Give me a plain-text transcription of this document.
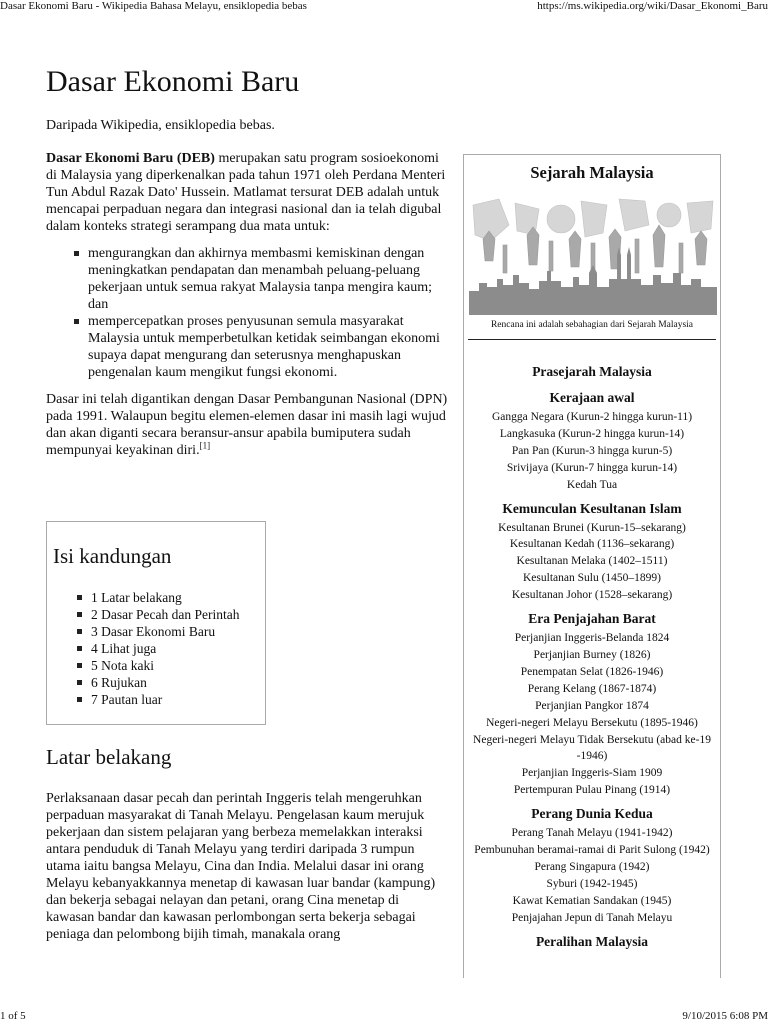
Dasar Ekonomi Baru - Wikipedia Bahasa Melayu, ensiklopedia bebas	https://ms.wikipedia.org/wiki/Dasar_Ekonomi_Baru
Dasar Ekonomi Baru
Daripada Wikipedia, ensiklopedia bebas.

Dasar Ekonomi Baru (DEB) merupakan satu program sosioekonomi di Malaysia yang diperkenalkan pada tahun 1971 oleh Perdana Menteri Tun Abdul Razak Dato' Hussein. Matlamat tersurat DEB adalah untuk mencapai perpaduan negara dan integrasi nasional dan ia telah digubal dalam konteks strategi serampang dua mata untuk:

mengurangkan dan akhirnya membasmi kemiskinan dengan meningkatkan pendapatan dan menambah peluang-peluang pekerjaan untuk semua rakyat Malaysia tanpa mengira kaum; dan
mempercepatkan proses penyusunan semula masyarakat Malaysia untuk memperbetulkan ketidak seimbangan ekonomi supaya dapat mengurang dan seterusnya menghapuskan pengenalan kaum mengikut fungsi ekonomi.

Dasar ini telah digantikan dengan Dasar Pembangunan Nasional (DPN) pada 1991. Walaupun begitu elemen-elemen dasar ini masih lagi wujud dan akan diganti secara beransur-ansur apabila bumiputera sudah mempunyai keyakinan diri.[1]

Isi kandungan
1 Latar belakang
2 Dasar Pecah dan Perintah
3 Dasar Ekonomi Baru
4 Lihat juga
5 Nota kaki
6 Rujukan
7 Pautan luar
Latar belakang

Perlaksanaan dasar pecah dan perintah Inggeris telah mengeruhkan perpaduan masyarakat di Tanah Melayu. Pengelasan kaum merujuk pekerjaan dan sistem pelajaran yang berbeza memelakkan interaksi antara penduduk di Tanah Melayu yang terdiri daripada 3 rumpun utama iaitu bangsa Melayu, Cina dan India. Melalui dasar ini orang Melayu kebanyakkannya menetap di kawasan luar bandar (kampung) dan bekerja sebagai nelayan dan petani, orang Cina menetap di kawasan bandar dan kawasan perlombongan serta bekerja sebagai peniaga dan pelombong bijih timah, manakala orang

Sejarah Malaysia
Rencana ini adalah sebahagian dari Sejarah Malaysia
Prasejarah Malaysia
Kerajaan awal
Gangga Negara (Kurun-2 hingga kurun-11)
Langkasuka (Kurun-2 hingga kurun-14)
Pan Pan (Kurun-3 hingga kurun-5)
Srivijaya (Kurun-7 hingga kurun-14)
Kedah Tua
Kemunculan Kesultanan Islam
Kesultanan Brunei (Kurun-15–sekarang)
Kesultanan Kedah (1136–sekarang)
Kesultanan Melaka (1402–1511)
Kesultanan Sulu (1450–1899)
Kesultanan Johor (1528–sekarang)
Era Penjajahan Barat
Perjanjian Inggeris-Belanda 1824
Perjanjian Burney (1826)
Penempatan Selat (1826-1946)
Perang Kelang (1867-1874)
Perjanjian Pangkor 1874
Negeri-negeri Melayu Bersekutu (1895-1946)
Negeri-negeri Melayu Tidak Bersekutu (abad ke-19 -1946)
Perjanjian Inggeris-Siam 1909
Pertempuran Pulau Pinang (1914)
Perang Dunia Kedua
Perang Tanah Melayu (1941-1942)
Pembunuhan beramai-ramai di Parit Sulong (1942)
Perang Singapura (1942)
Syburi (1942-1945)
Kawat Kematian Sandakan (1945)
Penjajahan Jepun di Tanah Melayu
Peralihan Malaysia
1 of 5	9/10/2015 6:08 PM
